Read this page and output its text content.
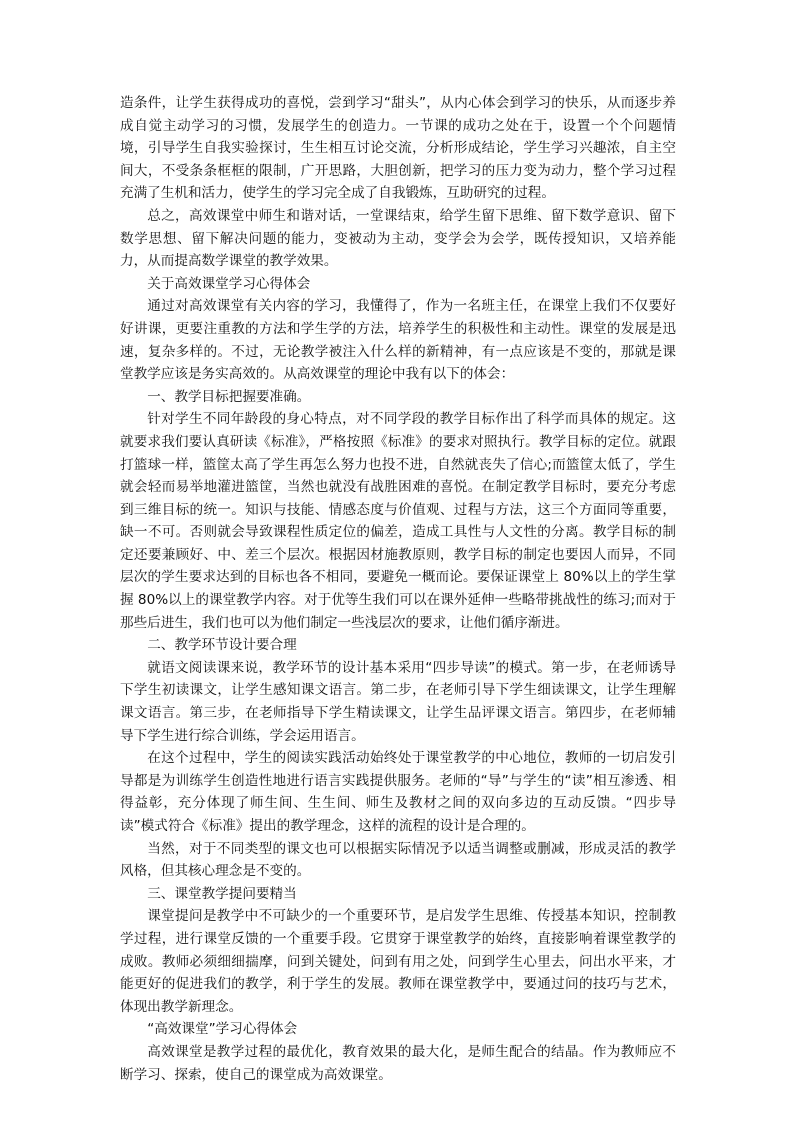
造条件，让学生获得成功的喜悦，尝到学习“甜头”，从内心体会到学习的快乐，从而逐步养成自觉主动学习的习惯，发展学生的创造力。一节课的成功之处在于，设置一个个问题情境，引导学生自我实验探讨，生生相互讨论交流，分析形成结论，学生学习兴趣浓，自主空间大，不受条条框框的限制，广开思路，大胆创新，把学习的压力变为动力，整个学习过程充满了生机和活力，使学生的学习完全成了自我锻炼，互助研究的过程。

总之，高效课堂中师生和谐对话，一堂课结束，给学生留下思维、留下数学意识、留下数学思想、留下解决问题的能力，变被动为主动，变学会为会学，既传授知识，又培养能力，从而提高数学课堂的教学效果。

关于高效课堂学习心得体会

通过对高效课堂有关内容的学习，我懂得了，作为一名班主任，在课堂上我们不仅要好好讲课，更要注重教的方法和学生学的方法，培养学生的积极性和主动性。课堂的发展是迅速，复杂多样的。不过，无论教学被注入什么样的新精神，有一点应该是不变的，那就是课堂教学应该是务实高效的。从高效课堂的理论中我有以下的体会：

一、教学目标把握要准确。

针对学生不同年龄段的身心特点，对不同学段的教学目标作出了科学而具体的规定。这就要求我们要认真研读《标准》，严格按照《标准》的要求对照执行。教学目标的定位。就跟打篮球一样，篮筐太高了学生再怎么努力也投不进，自然就丧失了信心;而篮筐太低了，学生就会轻而易举地灌进篮筐，当然也就没有战胜困难的喜悦。在制定教学目标时，要充分考虑到三维目标的统一。知识与技能、情感态度与价值观、过程与方法，这三个方面同等重要，缺一不可。否则就会导致课程性质定位的偏差，造成工具性与人文性的分离。教学目标的制定还要兼顾好、中、差三个层次。根据因材施教原则，教学目标的制定也要因人而异，不同层次的学生要求达到的目标也各不相同，要避免一概而论。要保证课堂上 80%以上的学生掌握 80%以上的课堂教学内容。对于优等生我们可以在课外延伸一些略带挑战性的练习;而对于那些后进生，我们也可以为他们制定一些浅层次的要求，让他们循序渐进。

二、教学环节设计要合理

就语文阅读课来说，教学环节的设计基本采用“四步导读”的模式。第一步，在老师诱导下学生初读课文，让学生感知课文语言。第二步，在老师引导下学生细读课文，让学生理解课文语言。第三步，在老师指导下学生精读课文，让学生品评课文语言。第四步，在老师辅导下学生进行综合训练，学会运用语言。

在这个过程中，学生的阅读实践活动始终处于课堂教学的中心地位，教师的一切启发引导都是为训练学生创造性地进行语言实践提供服务。老师的“导”与学生的“读”相互渗透、相得益彰，充分体现了师生间、生生间、师生及教材之间的双向多边的互动反馈。“四步导读”模式符合《标准》提出的教学理念，这样的流程的设计是合理的。

当然，对于不同类型的课文也可以根据实际情况予以适当调整或删减，形成灵活的教学风格，但其核心理念是不变的。

三、课堂教学提问要精当

课堂提问是教学中不可缺少的一个重要环节，是启发学生思维、传授基本知识，控制教学过程，进行课堂反馈的一个重要手段。它贯穿于课堂教学的始终，直接影响着课堂教学的成败。教师必须细细揣摩，问到关键处，问到有用之处，问到学生心里去，问出水平来，才能更好的促进我们的教学，利于学生的发展。教师在课堂教学中，要通过问的技巧与艺术，体现出教学新理念。

“高效课堂”学习心得体会

高效课堂是教学过程的最优化，教育效果的最大化，是师生配合的结晶。作为教师应不断学习、探索，使自己的课堂成为高效课堂。
